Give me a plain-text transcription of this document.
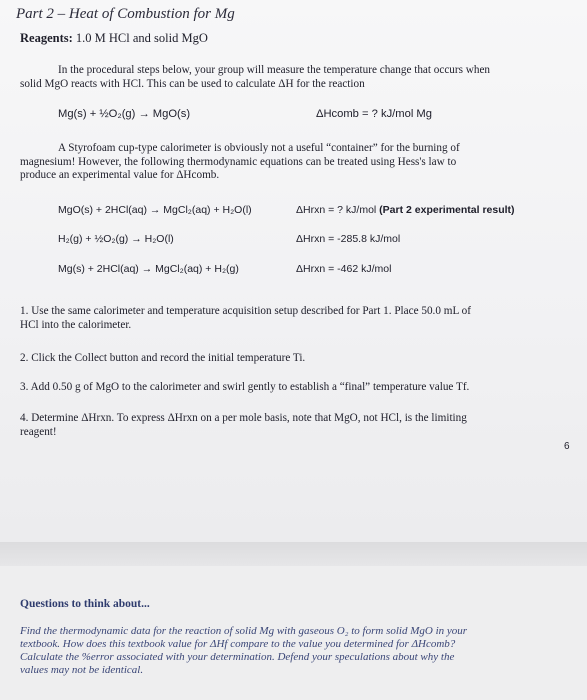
Part 2 – Heat of Combustion for Mg
Reagents: 1.0 M HCl and solid MgO
In the procedural steps below, your group will measure the temperature change that occurs when
solid MgO reacts with HCl. This can be used to calculate ΔH for the reaction
Mg(s) + ½O₂(g) → MgO(s)	ΔHcomb = ? kJ/mol Mg
A Styrofoam cup-type calorimeter is obviously not a useful “container” for the burning of
magnesium! However, the following thermodynamic equations can be treated using Hess's law to
produce an experimental value for ΔHcomb.
MgO(s) + 2HCl(aq) → MgCl₂(aq) + H₂O(l)	ΔHrxn = ? kJ/mol (Part 2 experimental result)
H₂(g) + ½O₂(g) → H₂O(l)	ΔHrxn = -285.8 kJ/mol
Mg(s) + 2HCl(aq) → MgCl₂(aq) + H₂(g)	ΔHrxn = -462 kJ/mol
1. Use the same calorimeter and temperature acquisition setup described for Part 1. Place 50.0 mL of
HCl into the calorimeter.
2. Click the Collect button and record the initial temperature Ti.
3. Add 0.50 g of MgO to the calorimeter and swirl gently to establish a “final” temperature value Tf.
4. Determine ΔHrxn. To express ΔHrxn on a per mole basis, note that MgO, not HCl, is the limiting
reagent!
6
Questions to think about...
Find the thermodynamic data for the reaction of solid Mg with gaseous O₂ to form solid MgO in your
textbook. How does this textbook value for ΔHf compare to the value you determined for ΔHcomb?
Calculate the %error associated with your determination. Defend your speculations about why the
values may not be identical.
